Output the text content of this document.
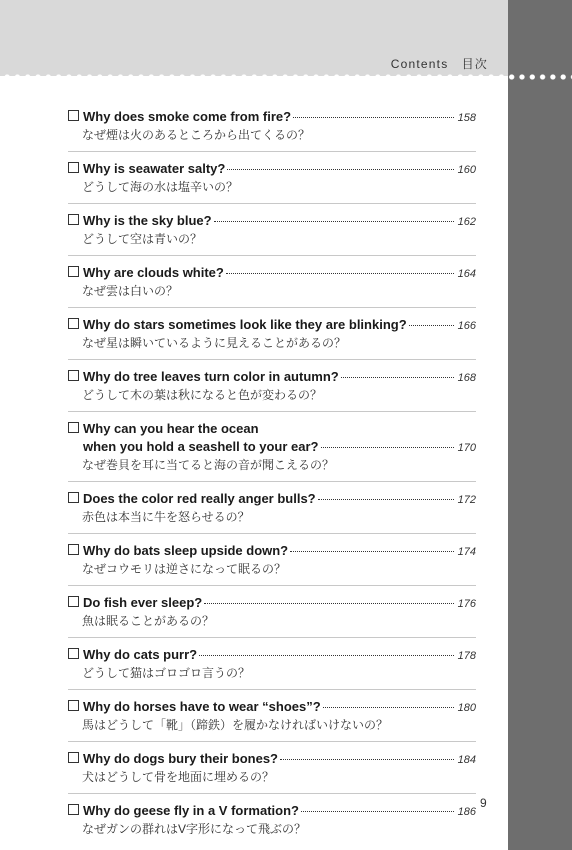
Contents　目次
Why does smoke come from fire?	158
なぜ煙は火のあるところから出てくるの？
Why is seawater salty?	160
どうして海の水は塩辛いの？
Why is the sky blue?	162
どうして空は青いの？
Why are clouds white?	164
なぜ雲は白いの？
Why do stars sometimes look like they are blinking?	166
なぜ星は瞬いているように見えることがあるの？
Why do tree leaves turn color in autumn?	168
どうして木の葉は秋になると色が変わるの？
Why can you hear the ocean
when you hold a seashell to your ear?	170
なぜ巻貝を耳に当てると海の音が聞こえるの？
Does the color red really anger bulls?	172
赤色は本当に牛を怒らせるの？
Why do bats sleep upside down?	174
なぜコウモリは逆さになって眠るの？
Do fish ever sleep?	176
魚は眠ることがあるの？
Why do cats purr?	178
どうして猫はゴロゴロ言うの？
Why do horses have to wear “shoes”?	180
馬はどうして「靴」（蹄鉄）を履かなければいけないの？
Why do dogs bury their bones?	184
犬はどうして骨を地面に埋めるの？
Why do geese fly in a V formation?	186
なぜガンの群れはV字形になって飛ぶの？
9
